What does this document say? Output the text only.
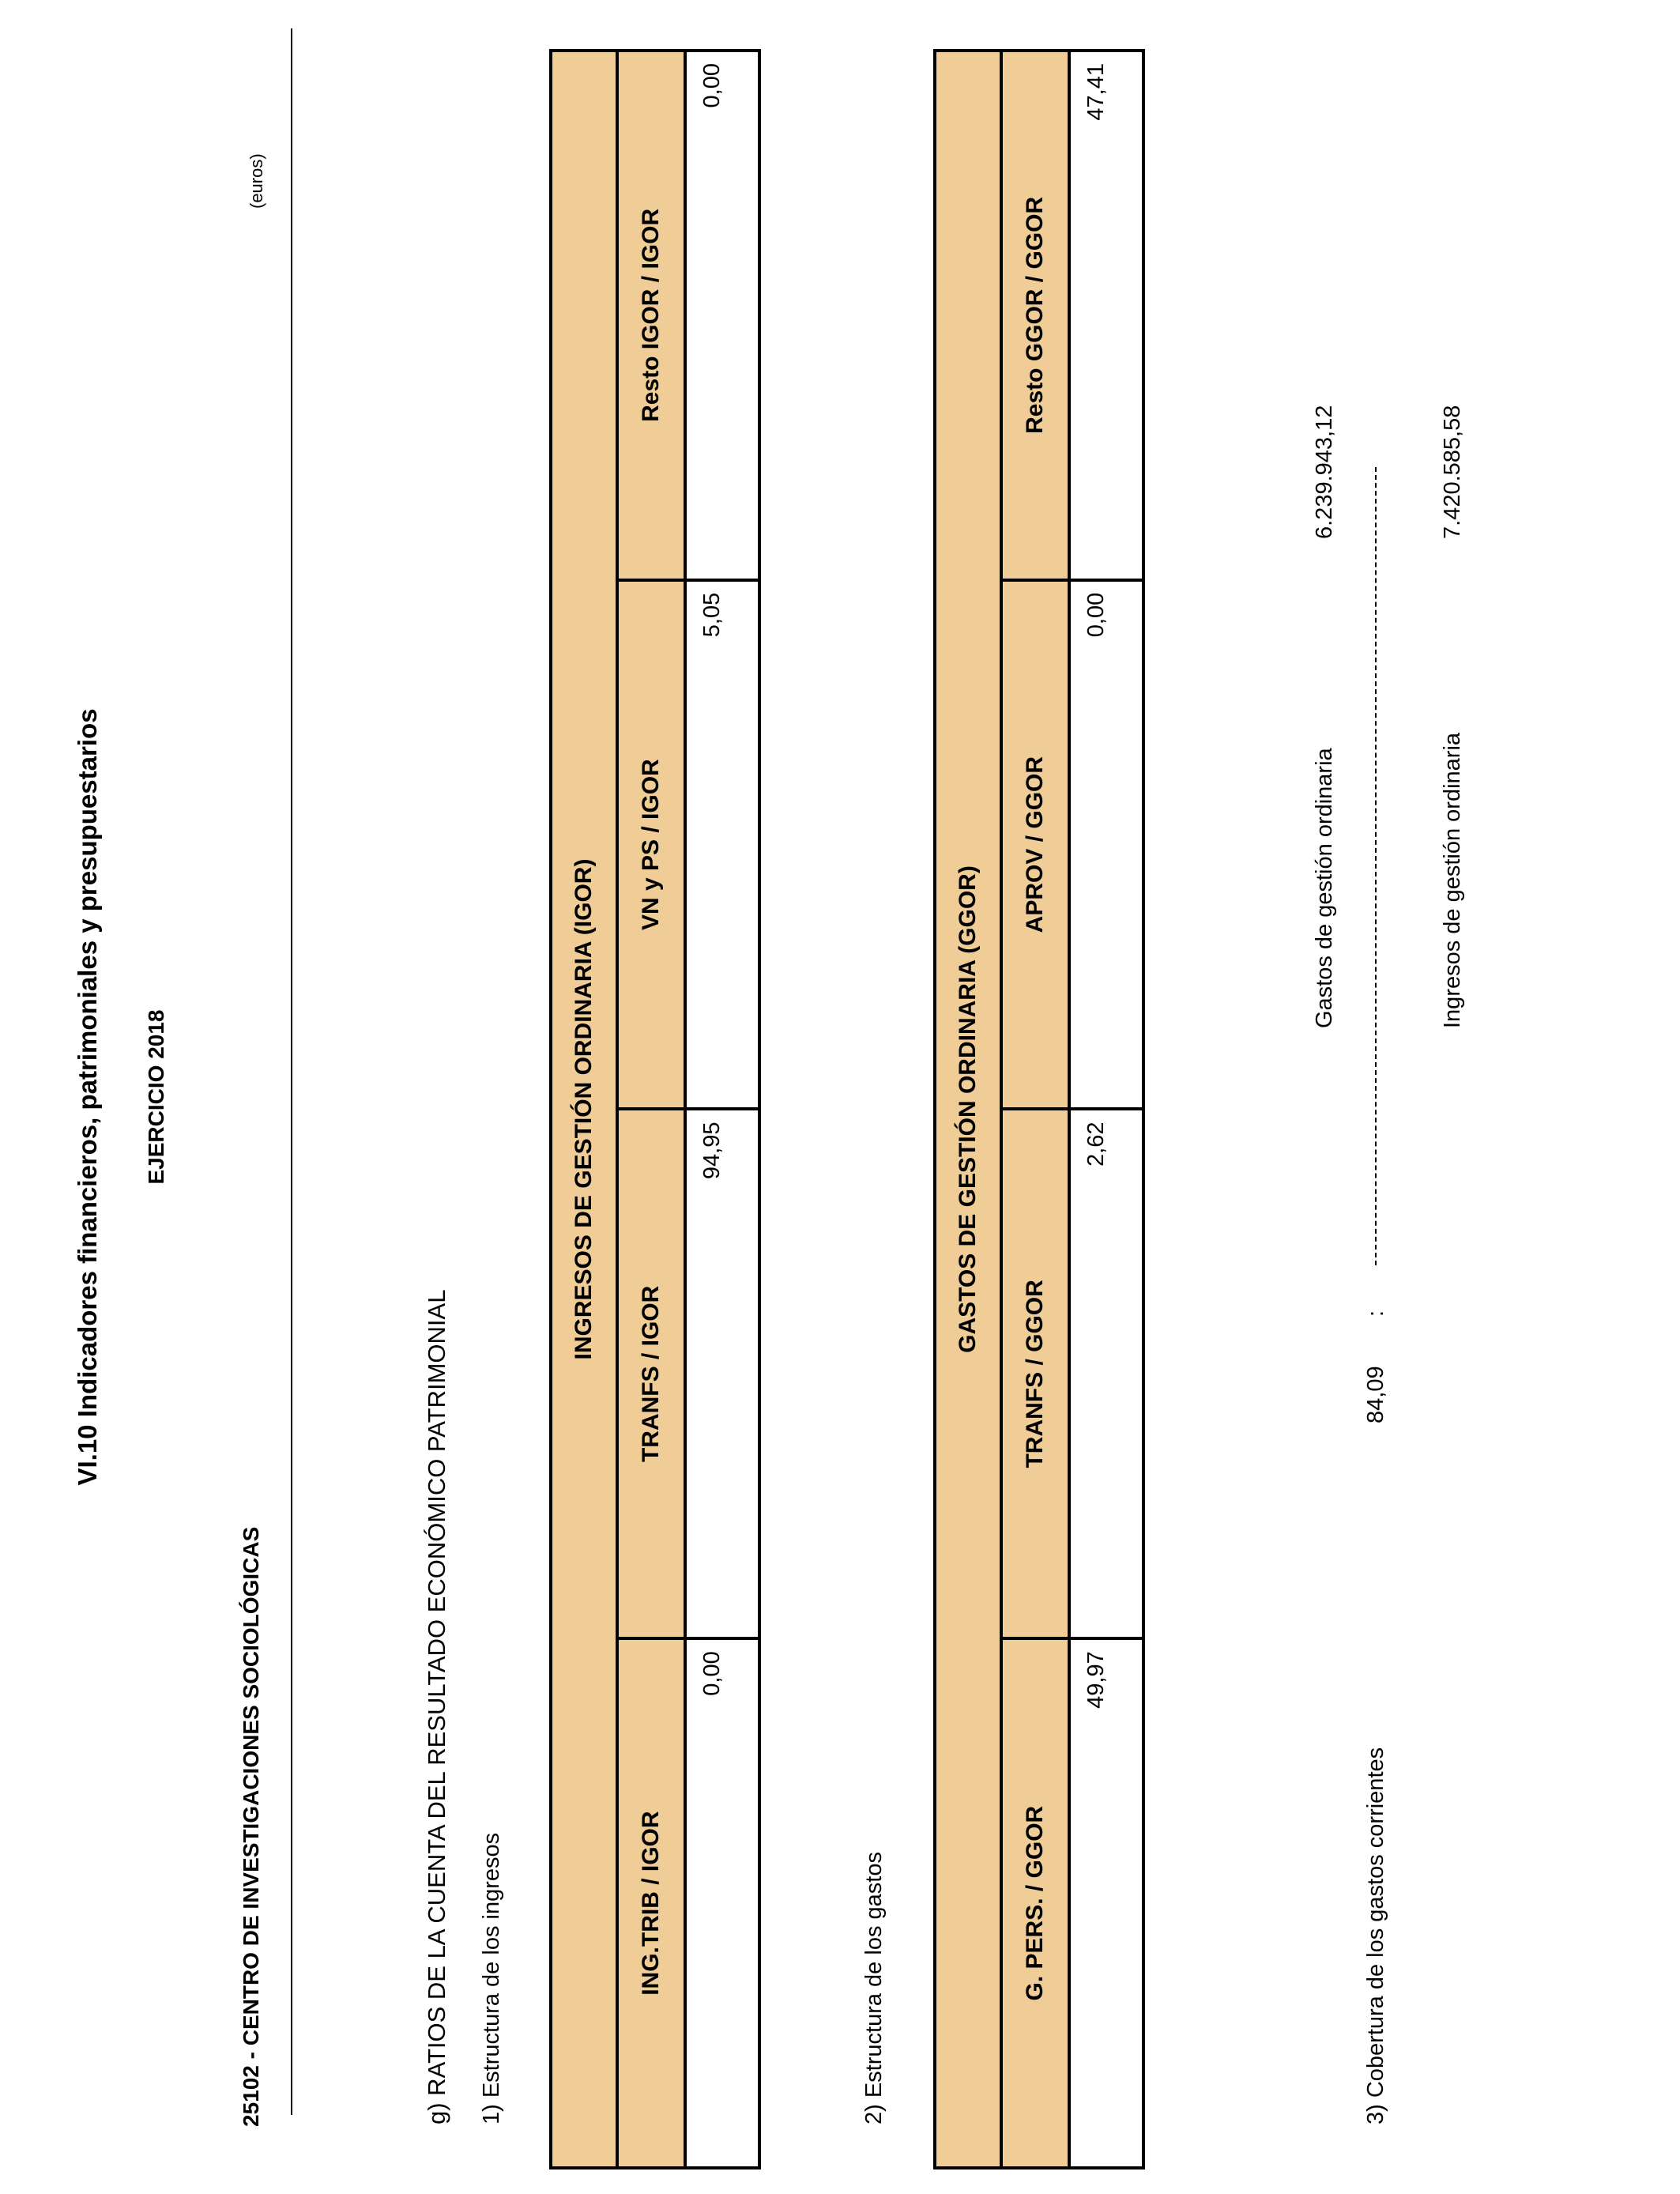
VI.10 Indicadores financieros, patrimoniales y presupuestarios EJERCICIO 2018
25102 - CENTRO DE INVESTIGACIONES SOCIOLÓGICAS
(euros)
g) RATIOS DE LA CUENTA DEL RESULTADO ECONÓMICO PATRIMONIAL 1) Estructura de los ingresos
INGRESOS DE GESTIÓN ORDINARIA (IGOR)			
ING.TRIB / IGOR	TRANFS / IGOR	VN y PS / IGOR	Resto IGOR / IGOR
0,00	94,95	5,05	0,00
2) Estructura de los gastos
GASTOS DE GESTIÓN ORDINARIA (GGOR)			
G. PERS. / GGOR	TRANFS / GGOR	APROV / GGOR	Resto GGOR / GGOR
49,97	2,62	0,00	47,41
3) Cobertura de los gastos corrientes
84,09
:
Gastos de gestión ordinaria
6.239.943,12
Ingresos de gestión ordinaria
7.420.585,58
